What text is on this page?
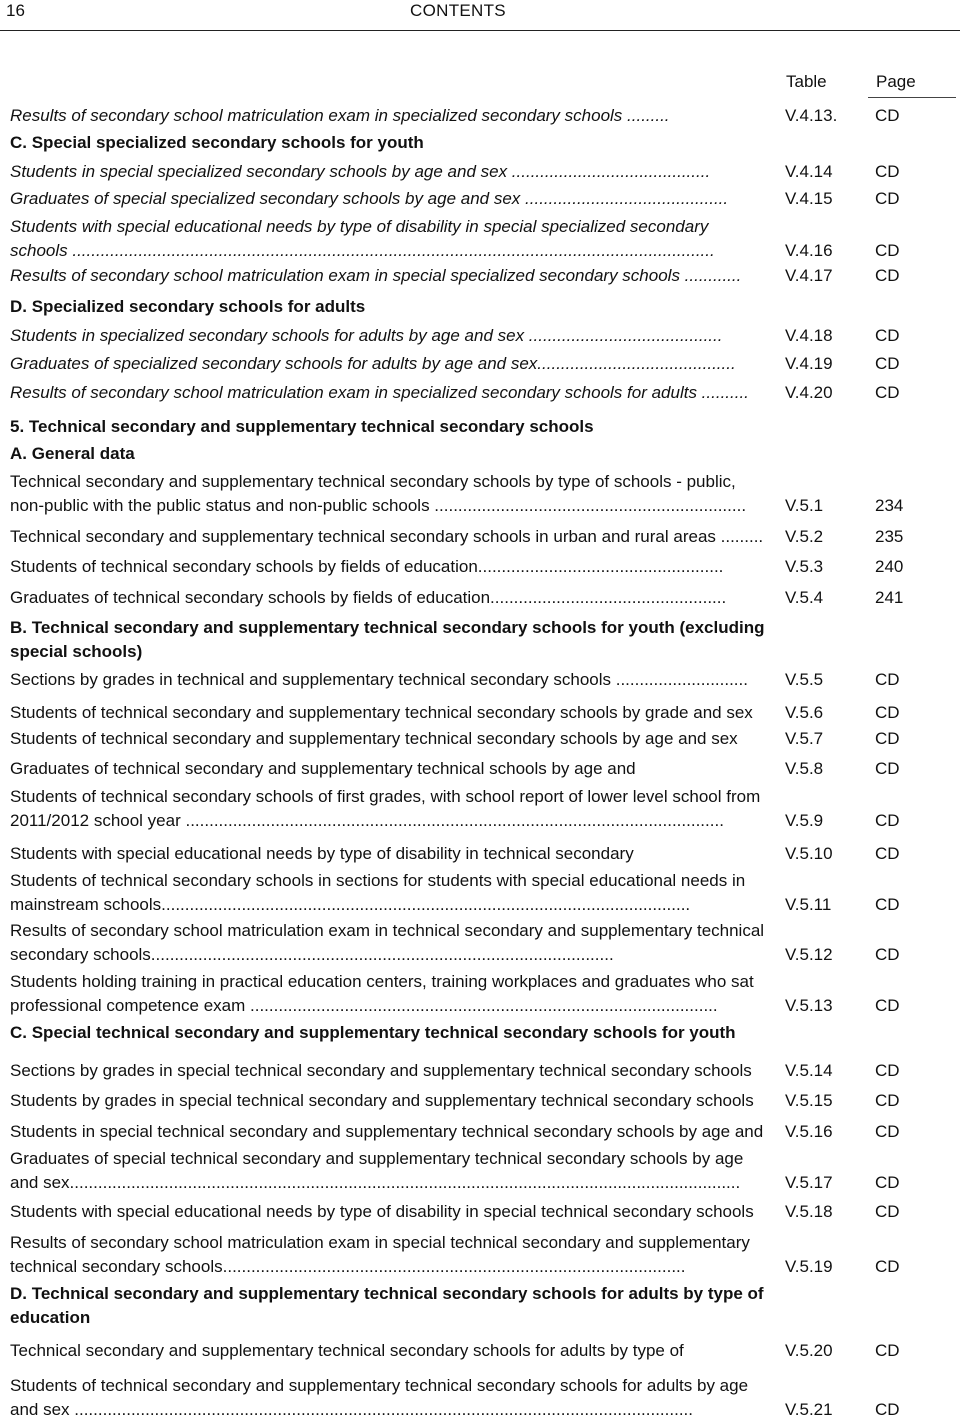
16	CONTENTS
Table	Page
Results of secondary school matriculation exam in specialized secondary schools .........	V.4.13. CD
C. Special specialized secondary schools for youth
Students in special specialized secondary schools by age and sex ..........................................	V.4.14 CD
Graduates of special specialized secondary schools by age and sex ...........................................	V.4.15 CD
Students with special educational needs by type of disability in special specialized secondary schools ........................................................................................................................................	V.4.16 CD
Results of secondary school matriculation exam in special specialized secondary schools ............	V.4.17 CD
D. Specialized secondary schools for adults
Students in specialized secondary schools for adults by age and sex .........................................	V.4.18 CD
Graduates of specialized secondary schools for adults by age and sex..........................................	V.4.19 CD
Results of secondary school matriculation exam in specialized secondary schools for adults ..........	V.4.20 CD
5. Technical secondary and supplementary technical secondary schools
A. General data
Technical secondary and supplementary technical secondary schools by type of schools - public, non-public with the public status and non-public schools ..................................................................	V.5.1	234
Technical secondary and supplementary technical secondary schools in urban and rural areas .........	V.5.2	235
Students of technical secondary schools by fields of education....................................................	V.5.3	240
Graduates of technical secondary schools by fields of education..................................................	V.5.4	241
B. Technical secondary and supplementary technical secondary schools for youth (excluding special schools)
Sections by grades in technical and supplementary technical secondary schools ............................	V.5.5	CD
Students of technical secondary and supplementary technical secondary schools by grade and sex	V.5.6	CD
Students of technical secondary and supplementary technical secondary schools by age and sex	V.5.7	CD
Graduates of technical secondary and supplementary technical schools by age and	V.5.8	CD
Students of technical secondary schools of first grades, with school report of lower level school from 2011/2012 school year ..................................................................................................................	V.5.9	CD
Students with special educational needs by type of disability in technical secondary	V.5.10 CD
Students of technical secondary schools in sections for students with special educational needs in mainstream schools................................................................................................................	V.5.11	CD
Results of secondary school matriculation exam in technical secondary and supplementary technical secondary schools..................................................................................................	V.5.12 CD
Students holding training in practical education centers, training workplaces and graduates who sat professional competence exam ...................................................................................................	V.5.13 CD
C. Special technical secondary and supplementary technical secondary schools for youth
Sections by grades in special technical secondary and supplementary technical secondary schools	V.5.14 CD
Students by grades in special technical secondary and supplementary technical secondary schools	V.5.15 CD
Students in special technical secondary and supplementary technical secondary schools by age and	V.5.16 CD
Graduates of special technical secondary and supplementary technical secondary schools by age and sex..............................................................................................................................................	V.5.17 CD
Students with special educational needs by type of disability in special technical secondary schools	V.5.18 CD
Results of secondary school matriculation exam in special technical secondary and supplementary technical secondary schools..................................................................................................	V.5.19 CD
D. Technical secondary and supplementary technical secondary schools for adults by type of education
Technical secondary and supplementary technical secondary schools for adults by type of	V.5.20 CD
Students of technical secondary and supplementary technical secondary schools for adults by age and sex ...................................................................................................................................	V.5.21 CD
